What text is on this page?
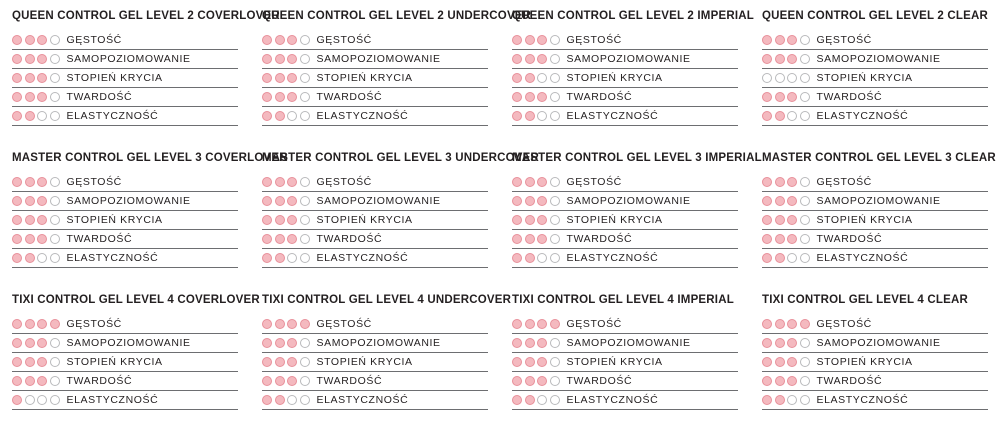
QUEEN CONTROL GEL LEVEL 2 COVERLOVER
GĘSTOŚĆ
SAMOPOZIOMOWANIE
STOPIEŃ KRYCIA
TWARDOŚĆ
ELASTYCZNOŚĆ
QUEEN CONTROL GEL LEVEL 2 UNDERCOVER
GĘSTOŚĆ
SAMOPOZIOMOWANIE
STOPIEŃ KRYCIA
TWARDOŚĆ
ELASTYCZNOŚĆ
QUEEN CONTROL GEL LEVEL 2 IMPERIAL
GĘSTOŚĆ
SAMOPOZIOMOWANIE
STOPIEŃ KRYCIA
TWARDOŚĆ
ELASTYCZNOŚĆ
QUEEN CONTROL GEL LEVEL 2 CLEAR
GĘSTOŚĆ
SAMOPOZIOMOWANIE
STOPIEŃ KRYCIA
TWARDOŚĆ
ELASTYCZNOŚĆ
MASTER CONTROL GEL LEVEL 3 COVERLOVER
GĘSTOŚĆ
SAMOPOZIOMOWANIE
STOPIEŃ KRYCIA
TWARDOŚĆ
ELASTYCZNOŚĆ
MASTER CONTROL GEL LEVEL 3 UNDERCOVER
GĘSTOŚĆ
SAMOPOZIOMOWANIE
STOPIEŃ KRYCIA
TWARDOŚĆ
ELASTYCZNOŚĆ
MASTER CONTROL GEL LEVEL 3 IMPERIAL
GĘSTOŚĆ
SAMOPOZIOMOWANIE
STOPIEŃ KRYCIA
TWARDOŚĆ
ELASTYCZNOŚĆ
MASTER CONTROL GEL LEVEL 3 CLEAR
GĘSTOŚĆ
SAMOPOZIOMOWANIE
STOPIEŃ KRYCIA
TWARDOŚĆ
ELASTYCZNOŚĆ
TIXI CONTROL GEL LEVEL 4 COVERLOVER
GĘSTOŚĆ
SAMOPOZIOMOWANIE
STOPIEŃ KRYCIA
TWARDOŚĆ
ELASTYCZNOŚĆ
TIXI CONTROL GEL LEVEL 4 UNDERCOVER
GĘSTOŚĆ
SAMOPOZIOMOWANIE
STOPIEŃ KRYCIA
TWARDOŚĆ
ELASTYCZNOŚĆ
TIXI CONTROL GEL LEVEL 4 IMPERIAL
GĘSTOŚĆ
SAMOPOZIOMOWANIE
STOPIEŃ KRYCIA
TWARDOŚĆ
ELASTYCZNOŚĆ
TIXI CONTROL GEL LEVEL 4 CLEAR
GĘSTOŚĆ
SAMOPOZIOMOWANIE
STOPIEŃ KRYCIA
TWARDOŚĆ
ELASTYCZNOŚĆ
